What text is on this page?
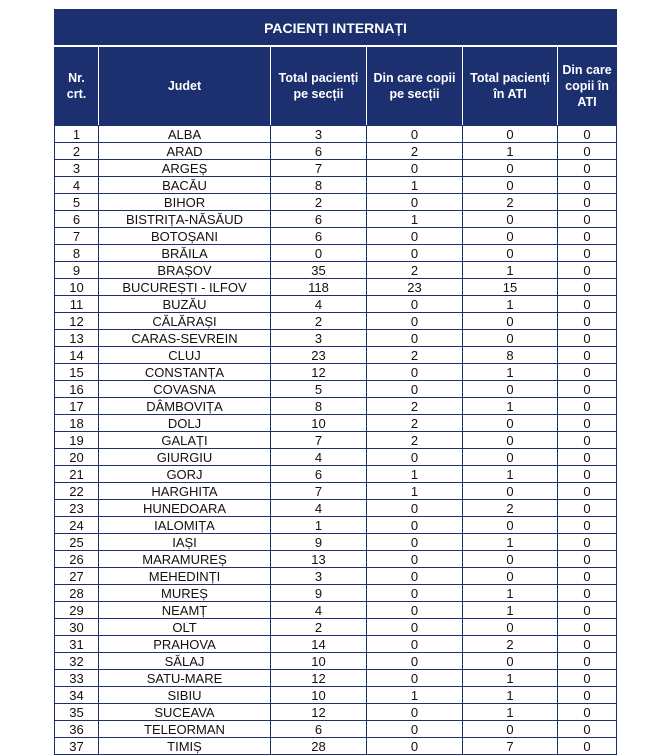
PACIENȚI INTERNAȚI					
Nr.
crt.	Judet	Total pacienți pe secții	Din care copii pe secții	Total pacienți în ATI	Din care copii în ATI
1	ALBA	3	0	0	0
2	ARAD	6	2	1	0
3	ARGEȘ	7	0	0	0
4	BACĂU	8	1	0	0
5	BIHOR	2	0	2	0
6	BISTRIȚA-NĂSĂUD	6	1	0	0
7	BOTOȘANI	6	0	0	0
8	BRĂILA	0	0	0	0
9	BRAȘOV	35	2	1	0
10	BUCUREȘTI - ILFOV	118	23	15	0
11	BUZĂU	4	0	1	0
12	CĂLĂRAȘI	2	0	0	0
13	CARAS-SEVREIN	3	0	0	0
14	CLUJ	23	2	8	0
15	CONSTANȚA	12	0	1	0
16	COVASNA	5	0	0	0
17	DÂMBOVIȚA	8	2	1	0
18	DOLJ	10	2	0	0
19	GALAȚI	7	2	0	0
20	GIURGIU	4	0	0	0
21	GORJ	6	1	1	0
22	HARGHITA	7	1	0	0
23	HUNEDOARA	4	0	2	0
24	IALOMIȚA	1	0	0	0
25	IAȘI	9	0	1	0
26	MARAMUREȘ	13	0	0	0
27	MEHEDINȚI	3	0	0	0
28	MUREȘ	9	0	1	0
29	NEAMȚ	4	0	1	0
30	OLT	2	0	0	0
31	PRAHOVA	14	0	2	0
32	SĂLAJ	10	0	0	0
33	SATU-MARE	12	0	1	0
34	SIBIU	10	1	1	0
35	SUCEAVA	12	0	1	0
36	TELEORMAN	6	0	0	0
37	TIMIȘ	28	0	7	0
